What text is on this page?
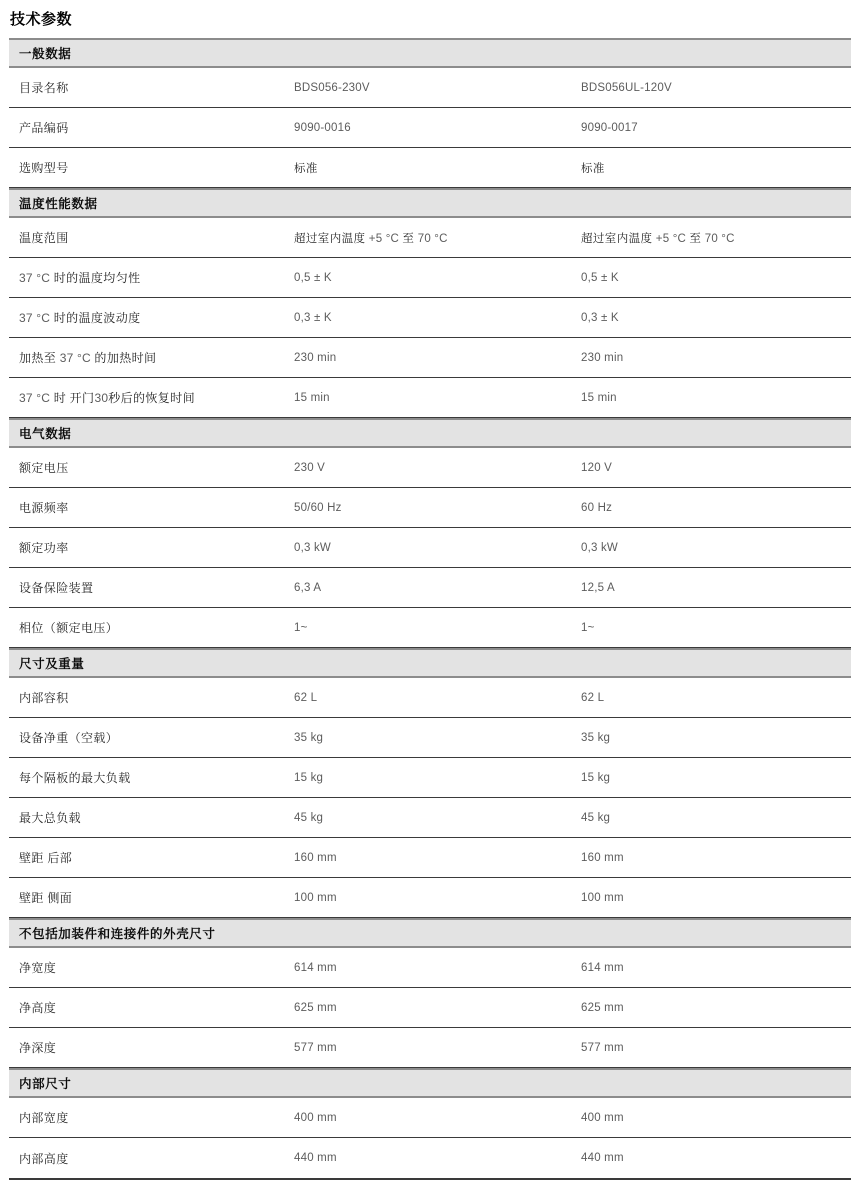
技术参数
一般数据
目录名称	BDS056-230V	BDS056UL-120V
产品编码	9090-0016	9090-0017
选购型号	标准	标准
温度性能数据
温度范围	超过室内温度 +5 °C 至 70 °C	超过室内温度 +5 °C 至 70 °C
37 °C 时的温度均匀性	0,5 ± K	0,5 ± K
37 °C 时的温度波动度	0,3 ± K	0,3 ± K
加热至 37 °C 的加热时间	230 min	230 min
37 °C 时 开门30秒后的恢复时间	15 min	15 min
电气数据
额定电压	230 V	120 V
电源频率	50/60 Hz	60 Hz
额定功率	0,3 kW	0,3 kW
设备保险装置	6,3 A	12,5 A
相位（额定电压）	1~	1~
尺寸及重量
内部容积	62 L	62 L
设备净重（空载）	35 kg	35 kg
每个隔板的最大负载	15 kg	15 kg
最大总负载	45 kg	45 kg
壁距 后部	160 mm	160 mm
壁距 侧面	100 mm	100 mm
不包括加装件和连接件的外壳尺寸
净宽度	614 mm	614 mm
净高度	625 mm	625 mm
净深度	577 mm	577 mm
内部尺寸
内部宽度	400 mm	400 mm
内部高度	440 mm	440 mm
